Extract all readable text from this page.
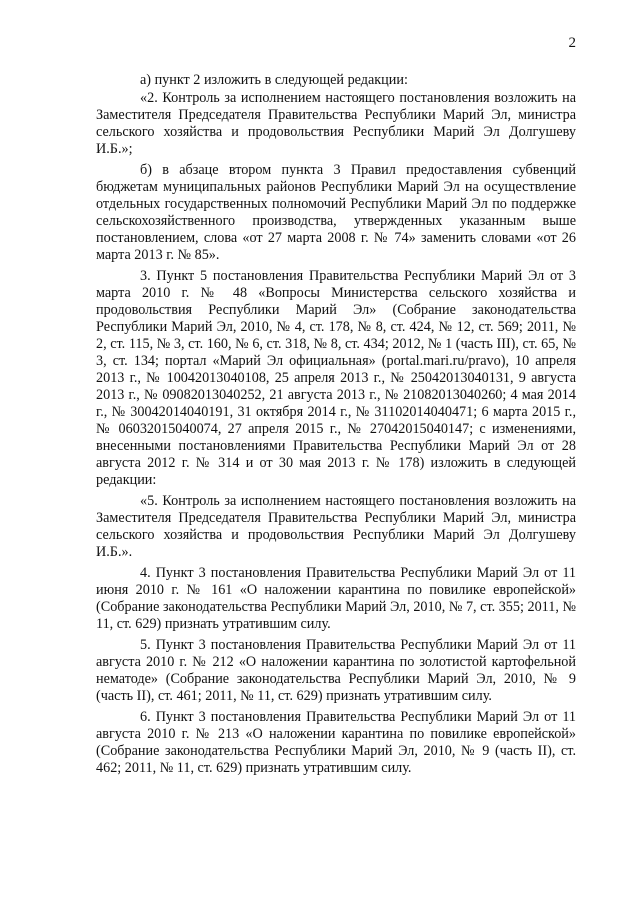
2

а) пункт 2 изложить в следующей редакции:

«2. Контроль за исполнением настоящего постановления возложить на Заместителя Председателя Правительства Республики Марий Эл, министра сельского хозяйства и продовольствия Республики Марий Эл Долгушеву И.Б.»;

б) в абзаце втором пункта 3 Правил предоставления субвенций бюджетам муниципальных районов Республики Марий Эл на осуществление отдельных государственных полномочий Республики Марий Эл по поддержке сельскохозяйственного производства, утвержденных указанным выше постановлением, слова «от 27 марта 2008 г. № 74» заменить словами «от 26 марта 2013 г. № 85».

3. Пункт 5 постановления Правительства Республики Марий Эл от 3 марта 2010 г. № 48 «Вопросы Министерства сельского хозяйства и продовольствия Республики Марий Эл» (Собрание законодательства Республики Марий Эл, 2010, № 4, ст. 178, № 8, ст. 424, № 12, ст. 569; 2011, № 2, ст. 115, № 3, ст. 160, № 6, ст. 318, № 8, ст. 434; 2012, № 1 (часть III), ст. 65, № 3, ст. 134; портал «Марий Эл официальная» (portal.mari.ru/pravo), 10 апреля 2013 г., № 10042013040108, 25 апреля 2013 г., № 25042013040131, 9 августа 2013 г., № 09082013040252, 21 августа 2013 г., № 21082013040260; 4 мая 2014 г., № 30042014040191, 31 октября 2014 г., № 31102014040471; 6 марта 2015 г., № 06032015040074, 27 апреля 2015 г., № 27042015040147; с изменениями, внесенными постановлениями Правительства Республики Марий Эл от 28 августа 2012 г. № 314 и от 30 мая 2013 г. № 178) изложить в следующей редакции:

«5. Контроль за исполнением настоящего постановления возложить на Заместителя Председателя Правительства Республики Марий Эл, министра сельского хозяйства и продовольствия Республики Марий Эл Долгушеву И.Б.».

4. Пункт 3 постановления Правительства Республики Марий Эл от 11 июня 2010 г. № 161 «О наложении карантина по повилике европейской» (Собрание законодательства Республики Марий Эл, 2010, № 7, ст. 355; 2011, № 11, ст. 629) признать утратившим силу.

5. Пункт 3 постановления Правительства Республики Марий Эл от 11 августа 2010 г. № 212 «О наложении карантина по золотистой картофельной нематоде» (Собрание законодательства Республики Марий Эл, 2010, № 9 (часть II), ст. 461; 2011, № 11, ст. 629) признать утратившим силу.

6. Пункт 3 постановления Правительства Республики Марий Эл от 11 августа 2010 г. № 213 «О наложении карантина по повилике европейской» (Собрание законодательства Республики Марий Эл, 2010, № 9 (часть II), ст. 462; 2011, № 11, ст. 629) признать утратившим силу.
